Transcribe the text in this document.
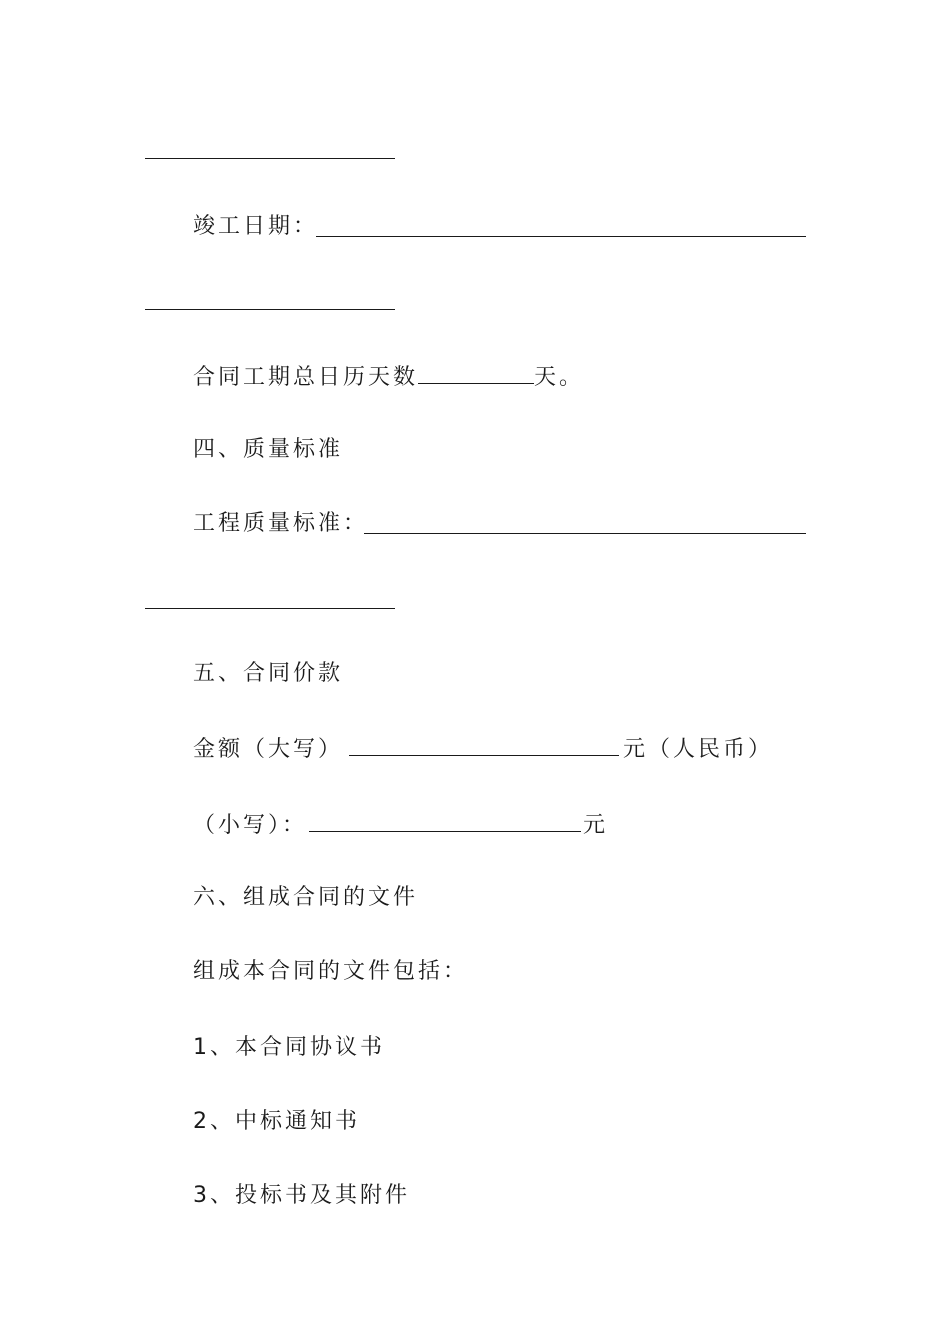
竣工日期：
合同工期总日历天数	天。
四、质量标准
工程质量标准：
五、合同价款
金额（大写）	元（人民币）
（小写）：	元
六、组成合同的文件
组成本合同的文件包括：
1、本合同协议书
2、中标通知书
3、投标书及其附件
